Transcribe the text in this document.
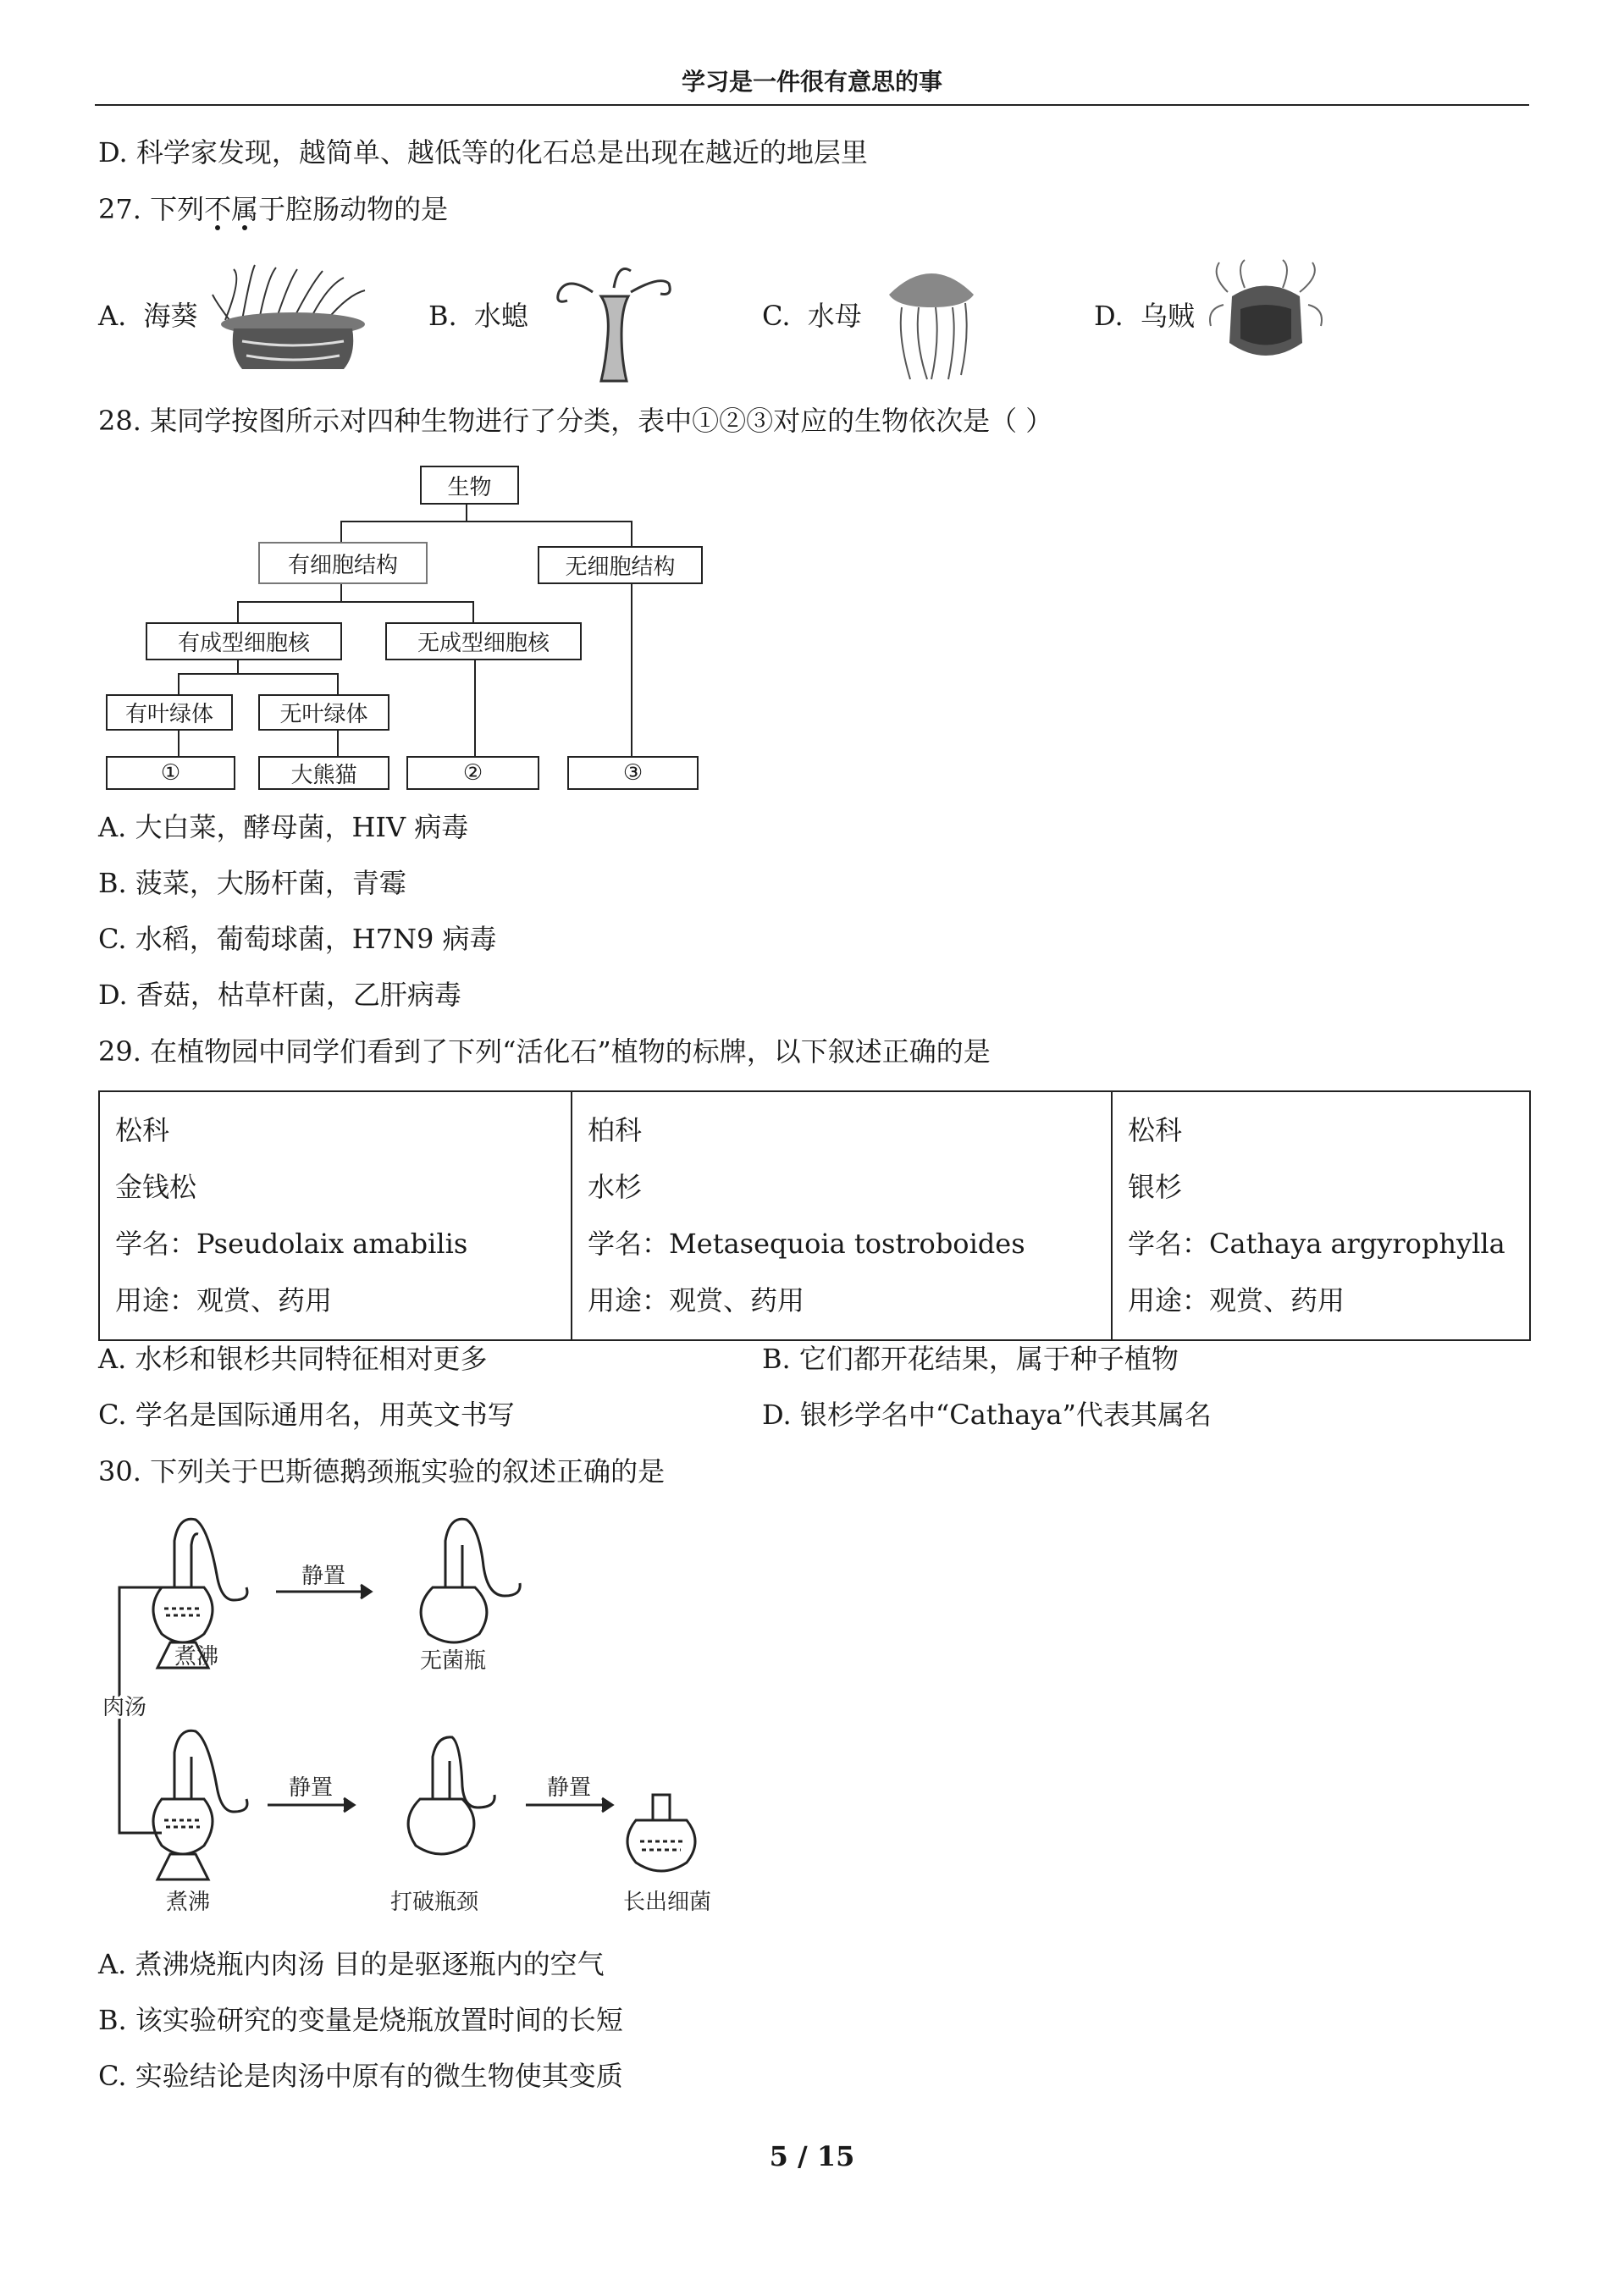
学习是一件很有意思的事
D. 科学家发现，越简单、越低等的化石总是出现在越近的地层里
27. 下列不属于腔肠动物的是
A. 海葵	B. 水螅	C. 水母	D. 乌贼
28. 某同学按图所示对四种生物进行了分类，表中①②③对应的生物依次是（ ）
生物
有细胞结构	无细胞结构
有成型细胞核	无成型细胞核
有叶绿体	无叶绿体
①	大熊猫	②	③
A. 大白菜，酵母菌，HIV 病毒
B. 菠菜，大肠杆菌，青霉
C. 水稻，葡萄球菌，H7N9 病毒
D. 香菇，枯草杆菌，乙肝病毒
29. 在植物园中同学们看到了下列“活化石”植物的标牌，以下叙述正确的是
松科
金钱松
学名：Pseudolaix amabilis
用途：观赏、药用

柏科
水杉
学名：Metasequoia tostroboides
用途：观赏、药用

松科
银杉
学名：Cathaya argyrophylla
用途：观赏、药用
A. 水杉和银杉共同特征相对更多	B. 它们都开花结果，属于种子植物
C. 学名是国际通用名，用英文书写	D. 银杉学名中“Cathaya”代表其属名
30. 下列关于巴斯德鹅颈瓶实验的叙述正确的是
煮沸
静置
无菌瓶
肉汤
煮沸
静置
打破瓶颈
静置
长出细菌
A. 煮沸烧瓶内肉汤 目的是驱逐瓶内的空气
B. 该实验研究的变量是烧瓶放置时间的长短
C. 实验结论是肉汤中原有的微生物使其变质
5 / 15
